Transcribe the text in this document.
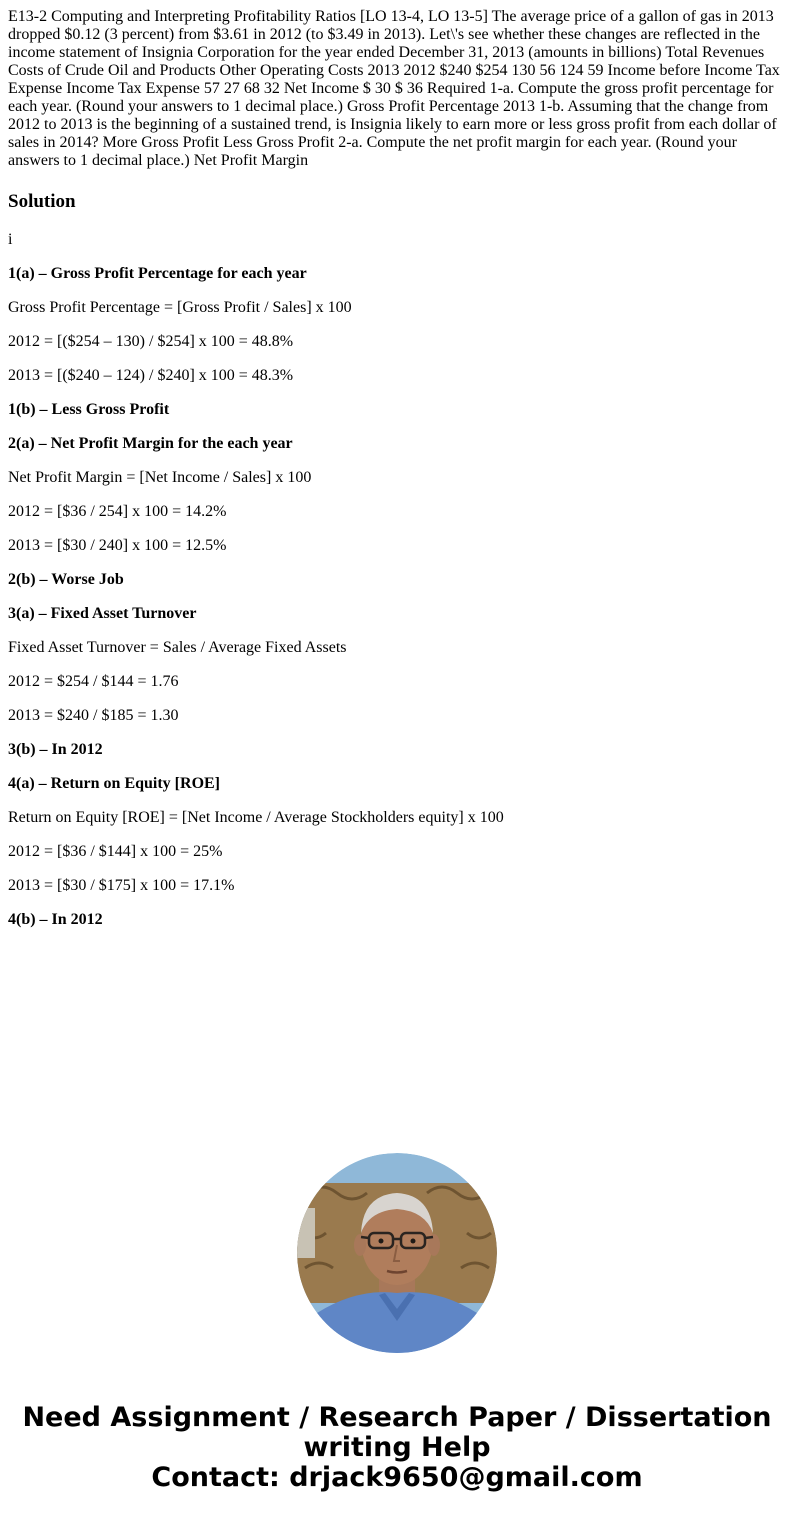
E13-2 Computing and Interpreting Profitability Ratios [LO 13-4, LO 13-5] The average price of a gallon of gas in 2013 dropped $0.12 (3 percent) from $3.61 in 2012 (to $3.49 in 2013). Let\'s see whether these changes are reflected in the income statement of Insignia Corporation for the year ended December 31, 2013 (amounts in billions) Total Revenues Costs of Crude Oil and Products Other Operating Costs 2013 2012 $240 $254 130 56 124 59 Income before Income Tax Expense Income Tax Expense 57 27 68 32 Net Income $ 30 $ 36 Required 1-a. Compute the gross profit percentage for each year. (Round your answers to 1 decimal place.) Gross Profit Percentage 2013 1-b. Assuming that the change from 2012 to 2013 is the beginning of a sustained trend, is Insignia likely to earn more or less gross profit from each dollar of sales in 2014? More Gross Profit Less Gross Profit 2-a. Compute the net profit margin for each year. (Round your answers to 1 decimal place.) Net Profit Margin

Solution

i

1(a) – Gross Profit Percentage for each year

Gross Profit Percentage = [Gross Profit / Sales] x 100

2012 = [($254 – 130) / $254] x 100 = 48.8%

2013 = [($240 – 124) / $240] x 100 = 48.3%

1(b) – Less Gross Profit

2(a) – Net Profit Margin for the each year

Net Profit Margin = [Net Income / Sales] x 100

2012 = [$36 / 254] x 100 = 14.2%

2013 = [$30 / 240] x 100 = 12.5%

2(b) – Worse Job

3(a) – Fixed Asset Turnover

Fixed Asset Turnover = Sales / Average Fixed Assets

2012 = $254 / $144 = 1.76

2013 = $240 / $185 = 1.30

3(b) – In 2012

4(a) – Return on Equity [ROE]

Return on Equity [ROE] = [Net Income / Average Stockholders equity] x 100

2012 = [$36 / $144] x 100 = 25%

2013 = [$30 / $175] x 100 = 17.1%

4(b) – In 2012

Need Assignment / Research Paper / Dissertation
writing Help
Contact: drjack9650@gmail.com
